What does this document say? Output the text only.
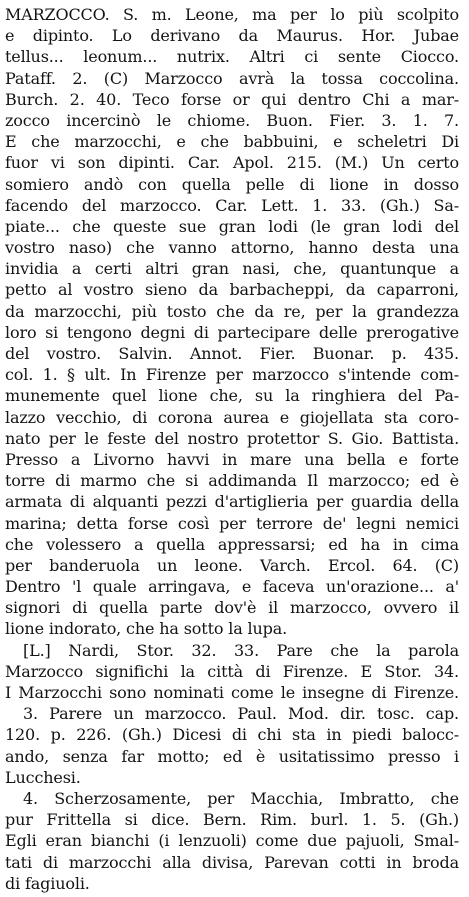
MARZOCCO. S. m. Leone, ma per lo più scolpito
e dipinto. Lo derivano da Maurus. Hor. Jubae
tellus... leonum... nutrix. Altri ci sente Ciocco.
Pataff. 2. (C) Marzocco avrà la tossa coccolina.
Burch. 2. 40. Teco forse or qui dentro Chi a mar-
zocco incercinò le chiome. Buon. Fier. 3. 1. 7.
E che marzocchi, e che babbuini, e scheletri Di
fuor vi son dipinti. Car. Apol. 215. (M.) Un certo
somiero andò con quella pelle di lione in dosso
facendo del marzocco. Car. Lett. 1. 33. (Gh.) Sa-
piate... che queste sue gran lodi (le gran lodi del
vostro naso) che vanno attorno, hanno desta una
invidia a certi altri gran nasi, che, quantunque a
petto al vostro sieno da barbacheppi, da caparroni,
da marzocchi, più tosto che da re, per la grandezza
loro si tengono degni di partecipare delle prerogative
del vostro. Salvin. Annot. Fier. Buonar. p. 435.
col. 1. § ult. In Firenze per marzocco s'intende com-
munemente quel lione che, su la ringhiera del Pa-
lazzo vecchio, di corona aurea e giojellata sta coro-
nato per le feste del nostro protettor S. Gio. Battista.
Presso a Livorno havvi in mare una bella e forte
torre di marmo che si addimanda Il marzocco; ed è
armata di alquanti pezzi d'artiglieria per guardia della
marina; detta forse così per terrore de' legni nemici
che volessero a quella appressarsi; ed ha in cima
per banderuola un leone. Varch. Ercol. 64. (C)
Dentro 'l quale arringava, e faceva un'orazione... a'
signori di quella parte dov'è il marzocco, ovvero il
lione indorato, che ha sotto la lupa.
[L.] Nardi, Stor. 32. 33. Pare che la parola
Marzocco significhi la città di Firenze. E Stor. 34.
I Marzocchi sono nominati come le insegne di Firenze.
3. Parere un marzocco. Paul. Mod. dir. tosc. cap.
120. p. 226. (Gh.) Dicesi di chi sta in piedi balocc-
ando, senza far motto; ed è usitatissimo presso i
Lucchesi.
4. Scherzosamente, per Macchia, Imbratto, che
pur Frittella si dice. Bern. Rim. burl. 1. 5. (Gh.)
Egli eran bianchi (i lenzuoli) come due pajuoli, Smal-
tati di marzocchi alla divisa, Parevan cotti in broda
di fagiuoli.
